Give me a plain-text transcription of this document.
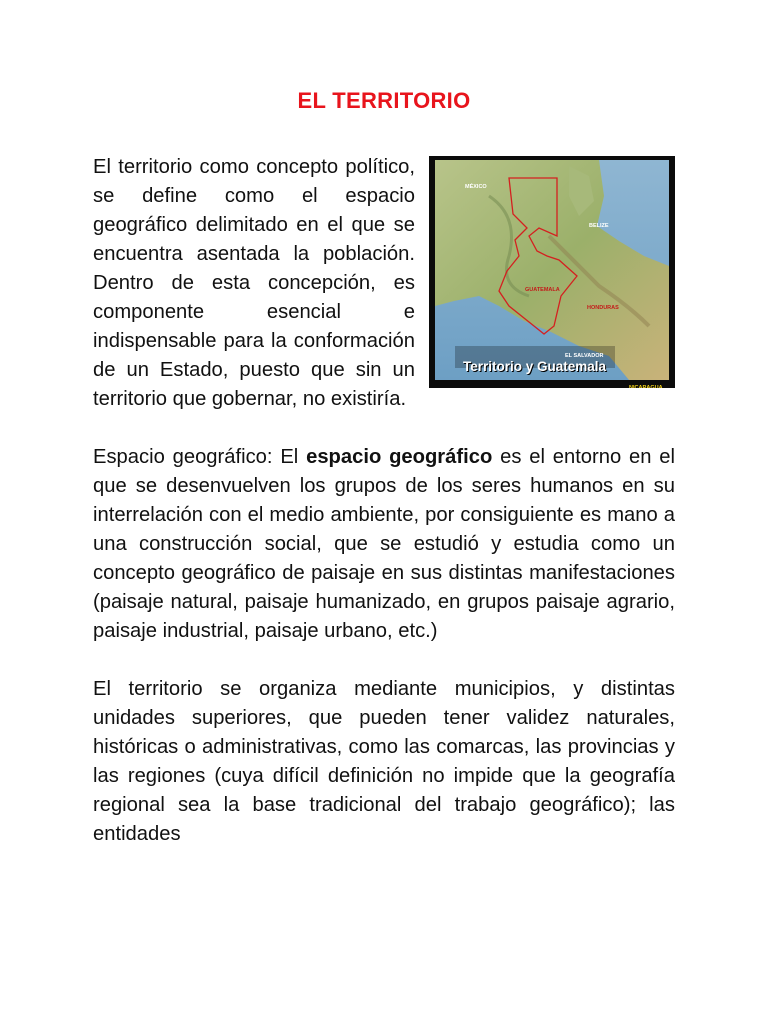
EL TERRITORIO
MÉXICO
BELIZE
GUATEMALA
HONDURAS
EL SALVADOR
NICARAGUA
Territorio y Guatemala

El territorio como concepto político, se define como el espacio geográfico delimitado en el que se encuentra asentada la población. Dentro de esta concepción, es componente esencial e indispensable para la conformación de un Estado, puesto que sin un territorio que gobernar, no existiría.

Espacio geográfico: El espacio geográfico es el entorno en el que se desenvuelven los grupos de los seres humanos en su interrelación con el medio ambiente, por consiguiente es mano a una construcción social, que se estudió y estudia como un concepto geográfico de paisaje en sus distintas manifestaciones (paisaje natural, paisaje humanizado, en grupos paisaje agrario, paisaje industrial, paisaje urbano, etc.)

El territorio se organiza mediante municipios, y distintas unidades superiores, que pueden tener validez naturales, históricas o administrativas, como las comarcas, las provincias y las regiones (cuya difícil definición no impide que la geografía regional sea la base tradicional del trabajo geográfico); las entidades
